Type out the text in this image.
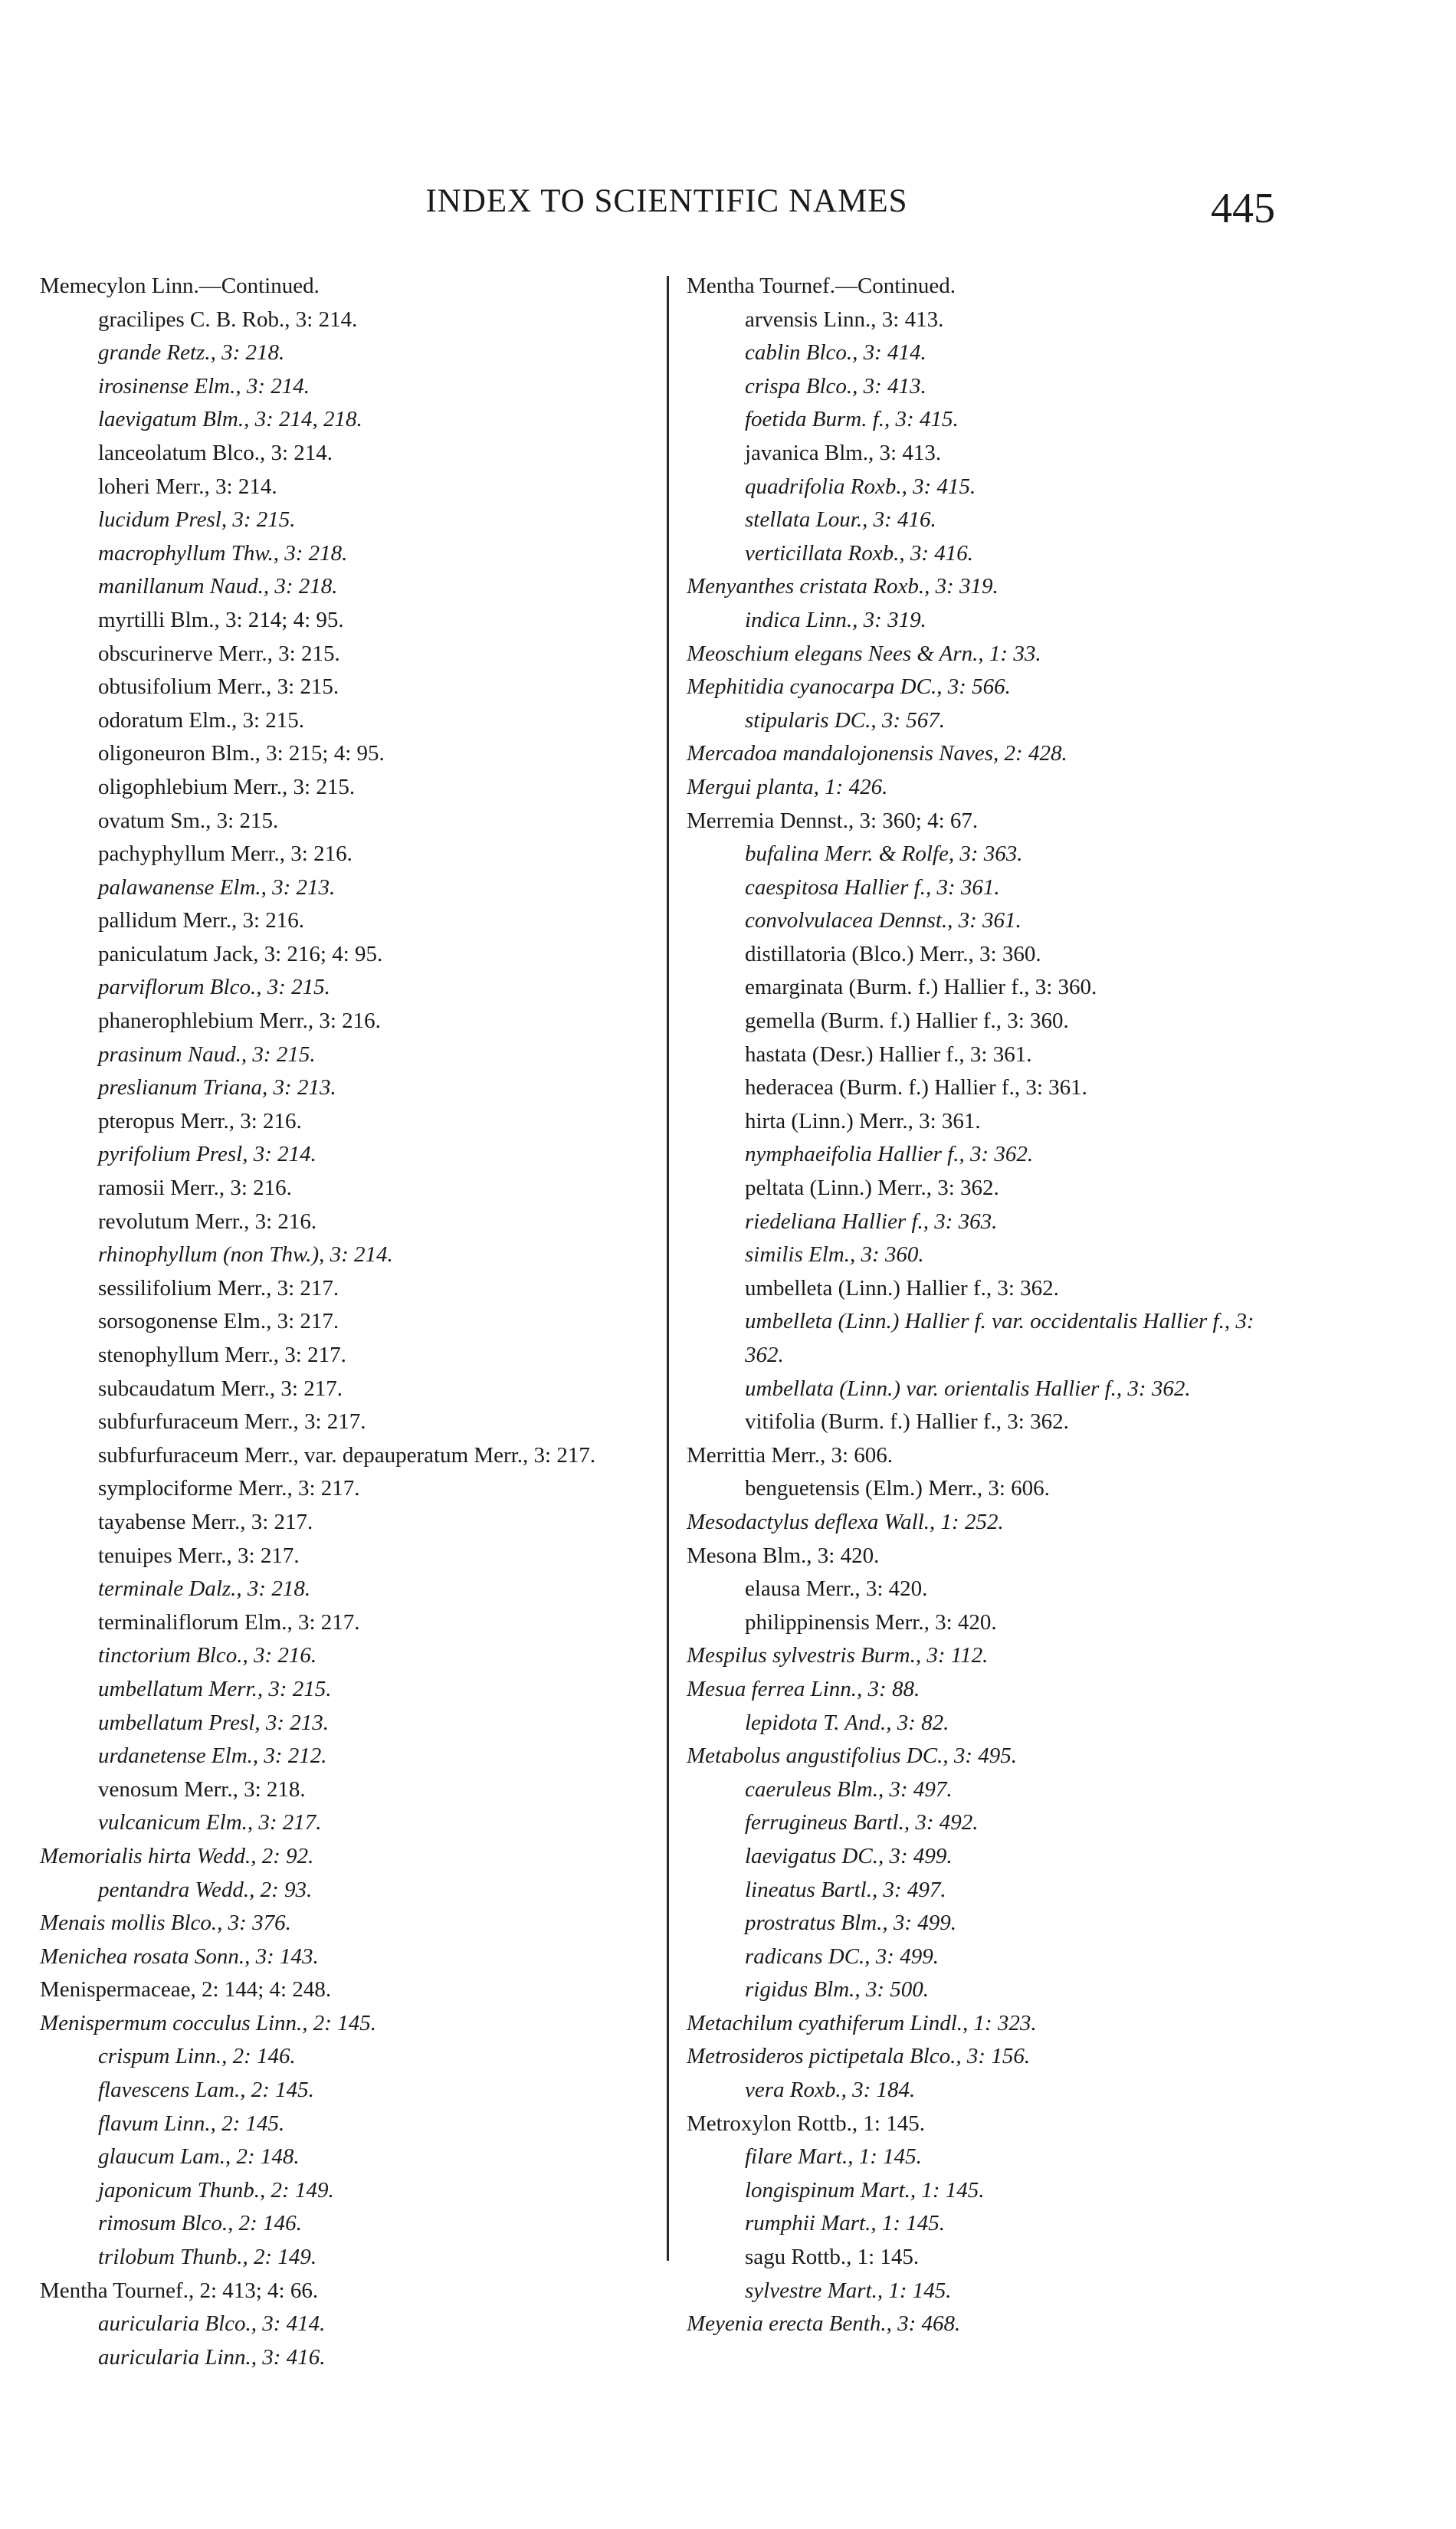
INDEX TO SCIENTIFIC NAMES	445
Memecylon Linn.—Continued.
gracilipes C. B. Rob., 3: 214.
grande Retz., 3: 218.
irosinense Elm., 3: 214.
laevigatum Blm., 3: 214, 218.
lanceolatum Blco., 3: 214.
loheri Merr., 3: 214.
lucidum Presl, 3: 215.
macrophyllum Thw., 3: 218.
manillanum Naud., 3: 218.
myrtilli Blm., 3: 214; 4: 95.
obscurinerve Merr., 3: 215.
obtusifolium Merr., 3: 215.
odoratum Elm., 3: 215.
oligoneuron Blm., 3: 215; 4: 95.
oligophlebium Merr., 3: 215.
ovatum Sm., 3: 215.
pachyphyllum Merr., 3: 216.
palawanense Elm., 3: 213.
pallidum Merr., 3: 216.
paniculatum Jack, 3: 216; 4: 95.
parviflorum Blco., 3: 215.
phanerophlebium Merr., 3: 216.
prasinum Naud., 3: 215.
preslianum Triana, 3: 213.
pteropus Merr., 3: 216.
pyrifolium Presl, 3: 214.
ramosii Merr., 3: 216.
revolutum Merr., 3: 216.
rhinophyllum (non Thw.), 3: 214.
sessilifolium Merr., 3: 217.
sorsogonense Elm., 3: 217.
stenophyllum Merr., 3: 217.
subcaudatum Merr., 3: 217.
subfurfuraceum Merr., 3: 217.
subfurfuraceum Merr., var. depauperatum Merr., 3: 217.
symplociforme Merr., 3: 217.
tayabense Merr., 3: 217.
tenuipes Merr., 3: 217.
terminale Dalz., 3: 218.
terminaliflorum Elm., 3: 217.
tinctorium Blco., 3: 216.
umbellatum Merr., 3: 215.
umbellatum Presl, 3: 213.
urdanetense Elm., 3: 212.
venosum Merr., 3: 218.
vulcanicum Elm., 3: 217.
Memorialis hirta Wedd., 2: 92.
pentandra Wedd., 2: 93.
Menais mollis Blco., 3: 376.
Menichea rosata Sonn., 3: 143.
Menispermaceae, 2: 144; 4: 248.
Menispermum cocculus Linn., 2: 145.
crispum Linn., 2: 146.
flavescens Lam., 2: 145.
flavum Linn., 2: 145.
glaucum Lam., 2: 148.
japonicum Thunb., 2: 149.
rimosum Blco., 2: 146.
trilobum Thunb., 2: 149.
Mentha Tournef., 2: 413; 4: 66.
auricularia Blco., 3: 414.
auricularia Linn., 3: 416.
Mentha Tournef.—Continued.
arvensis Linn., 3: 413.
cablin Blco., 3: 414.
crispa Blco., 3: 413.
foetida Burm. f., 3: 415.
javanica Blm., 3: 413.
quadrifolia Roxb., 3: 415.
stellata Lour., 3: 416.
verticillata Roxb., 3: 416.
Menyanthes cristata Roxb., 3: 319.
indica Linn., 3: 319.
Meoschium elegans Nees & Arn., 1: 33.
Mephitidia cyanocarpa DC., 3: 566.
stipularis DC., 3: 567.
Mercadoa mandalojonensis Naves, 2: 428.
Mergui planta, 1: 426.
Merremia Dennst., 3: 360; 4: 67.
bufalina Merr. & Rolfe, 3: 363.
caespitosa Hallier f., 3: 361.
convolvulacea Dennst., 3: 361.
distillatoria (Blco.) Merr., 3: 360.
emarginata (Burm. f.) Hallier f., 3: 360.
gemella (Burm. f.) Hallier f., 3: 360.
hastata (Desr.) Hallier f., 3: 361.
hederacea (Burm. f.) Hallier f., 3: 361.
hirta (Linn.) Merr., 3: 361.
nymphaeifolia Hallier f., 3: 362.
peltata (Linn.) Merr., 3: 362.
riedeliana Hallier f., 3: 363.
similis Elm., 3: 360.
umbelleta (Linn.) Hallier f., 3: 362.
umbelleta (Linn.) Hallier f. var. occidentalis Hallier f., 3: 362.
umbellata (Linn.) var. orientalis Hallier f., 3: 362.
vitifolia (Burm. f.) Hallier f., 3: 362.
Merrittia Merr., 3: 606.
benguetensis (Elm.) Merr., 3: 606.
Mesodactylus deflexa Wall., 1: 252.
Mesona Blm., 3: 420.
elausa Merr., 3: 420.
philippinensis Merr., 3: 420.
Mespilus sylvestris Burm., 3: 112.
Mesua ferrea Linn., 3: 88.
lepidota T. And., 3: 82.
Metabolus angustifolius DC., 3: 495.
caeruleus Blm., 3: 497.
ferrugineus Bartl., 3: 492.
laevigatus DC., 3: 499.
lineatus Bartl., 3: 497.
prostratus Blm., 3: 499.
radicans DC., 3: 499.
rigidus Blm., 3: 500.
Metachilum cyathiferum Lindl., 1: 323.
Metrosideros pictipetala Blco., 3: 156.
vera Roxb., 3: 184.
Metroxylon Rottb., 1: 145.
filare Mart., 1: 145.
longispinum Mart., 1: 145.
rumphii Mart., 1: 145.
sagu Rottb., 1: 145.
sylvestre Mart., 1: 145.
Meyenia erecta Benth., 3: 468.
